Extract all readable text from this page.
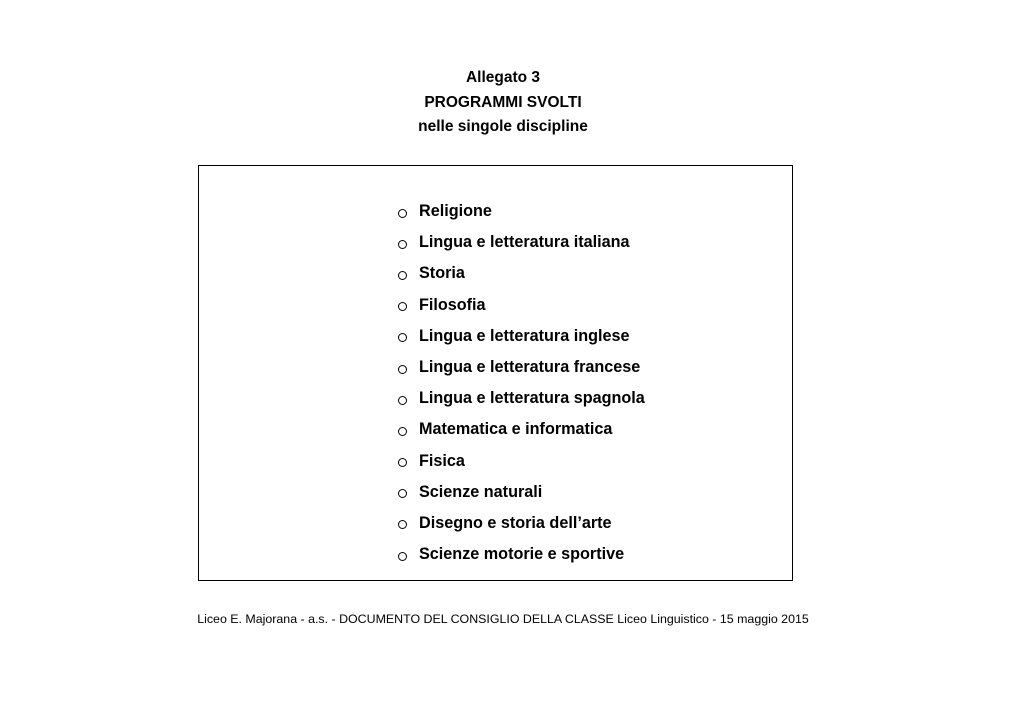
Allegato 3
PROGRAMMI SVOLTI
nelle singole discipline
Religione
Lingua e letteratura italiana
Storia
Filosofia
Lingua e letteratura inglese
Lingua e letteratura francese
Lingua e letteratura spagnola
Matematica e informatica
Fisica
Scienze naturali
Disegno e storia dell’arte
Scienze motorie e sportive
Liceo E. Majorana - a.s. - DOCUMENTO DEL CONSIGLIO DELLA CLASSE Liceo Linguistico - 15 maggio 2015
